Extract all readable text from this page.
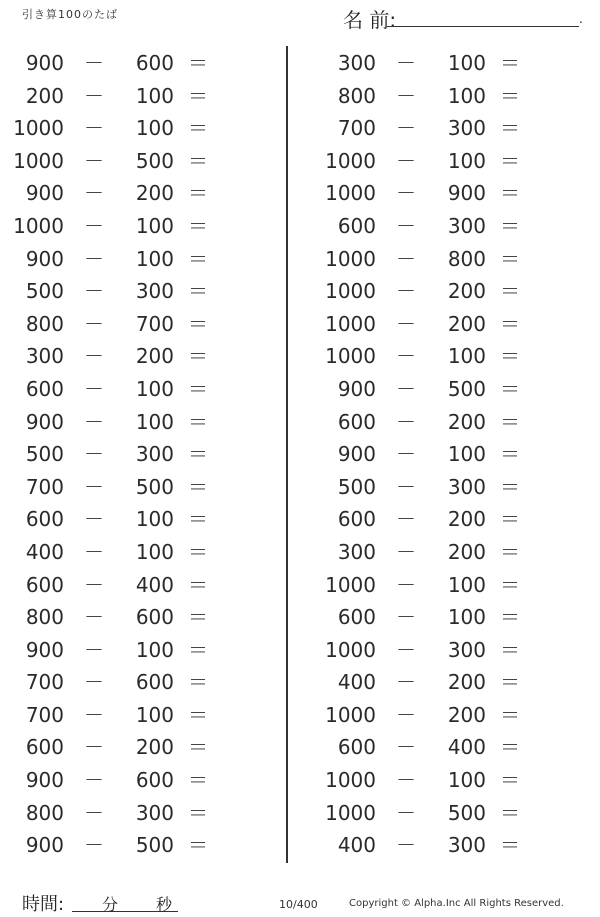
引き算100のたば	名 前:	.
900 －	600 ＝
200 －	100 ＝
1000 －	100 ＝
1000 －	500 ＝
900 －	200 ＝
1000 －	100 ＝
900 －	100 ＝
500 －	300 ＝
800 －	700 ＝
300 －	200 ＝
600 －	100 ＝
900 －	100 ＝
500 －	300 ＝
700 －	500 ＝
600 －	100 ＝
400 －	100 ＝
600 －	400 ＝
800 －	600 ＝
900 －	100 ＝
700 －	600 ＝
700 －	100 ＝
600 －	200 ＝
900 －	600 ＝
800 －	300 ＝
900 －	500 ＝
300 －	100 ＝
800 －	100 ＝
700 －	300 ＝
1000 －	100 ＝
1000 －	900 ＝
600 －	300 ＝
1000 －	800 ＝
1000 －	200 ＝
1000 －	200 ＝
1000 －	100 ＝
900 －	500 ＝
600 －	200 ＝
900 －	100 ＝
500 －	300 ＝
600 －	200 ＝
300 －	200 ＝
1000 －	100 ＝
600 －	100 ＝
1000 －	300 ＝
400 －	200 ＝
1000 －	200 ＝
600 －	400 ＝
1000 －	100 ＝
1000 －	500 ＝
400 －	300 ＝
時間: 分 秒	10/400	Copyright © Alpha.Inc All Rights Reserved.
